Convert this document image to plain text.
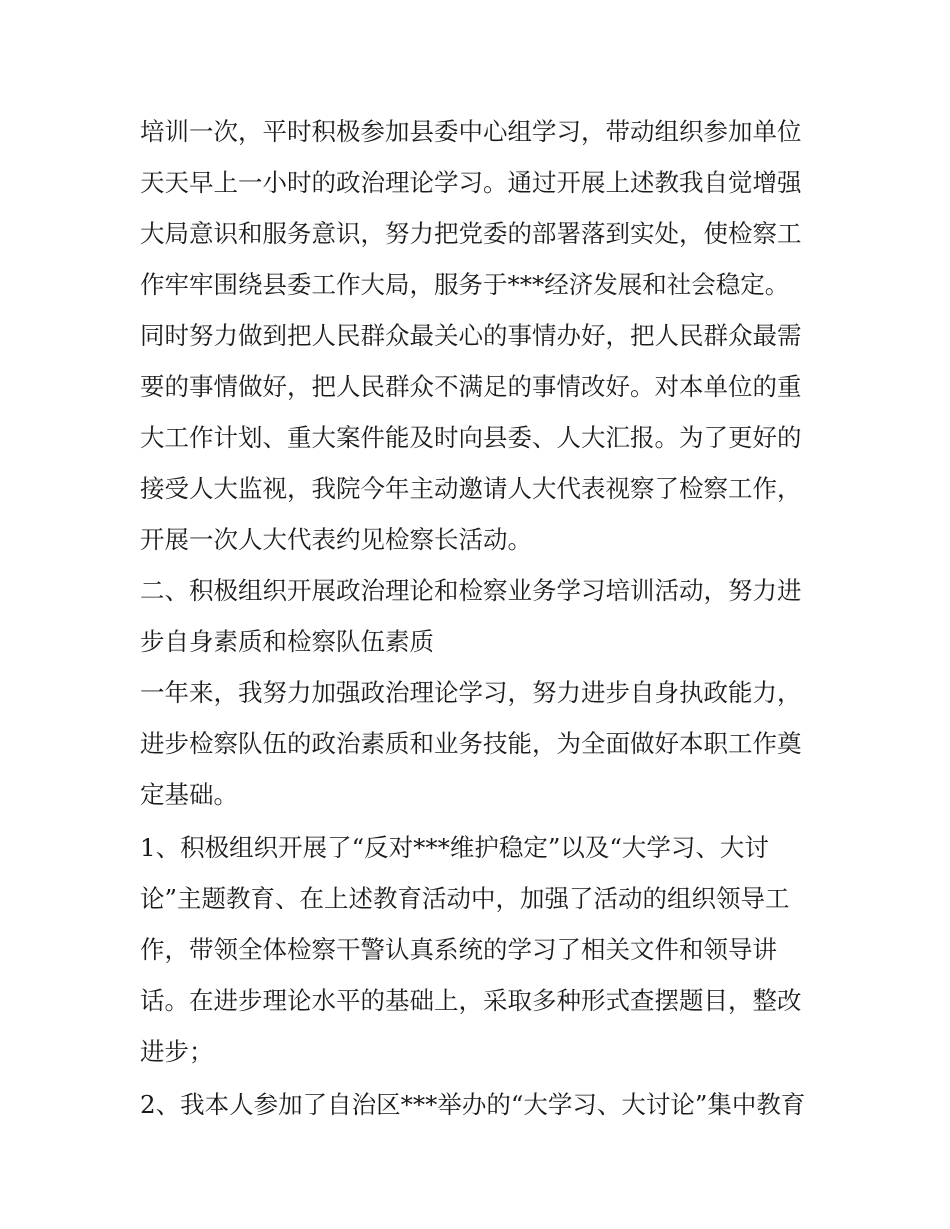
培训一次，平时积极参加县委中心组学习，带动组织参加单位

天天早上一小时的政治理论学习。通过开展上述教我自觉增强

大局意识和服务意识，努力把党委的部署落到实处，使检察工

作牢牢围绕县委工作大局，服务于***经济发展和社会稳定。

同时努力做到把人民群众最关心的事情办好，把人民群众最需

要的事情做好，把人民群众不满足的事情改好。对本单位的重

大工作计划、重大案件能及时向县委、人大汇报。为了更好的

接受人大监视，我院今年主动邀请人大代表视察了检察工作，

开展一次人大代表约见检察长活动。

二、积极组织开展政治理论和检察业务学习培训活动，努力进

步自身素质和检察队伍素质

一年来，我努力加强政治理论学习，努力进步自身执政能力，

进步检察队伍的政治素质和业务技能，为全面做好本职工作奠

定基础。

1、积极组织开展了“反对***维护稳定”以及“大学习、大讨

论”主题教育、在上述教育活动中，加强了活动的组织领导工

作，带领全体检察干警认真系统的学习了相关文件和领导讲

话。在进步理论水平的基础上，采取多种形式查摆题目，整改

进步；

2、我本人参加了自治区***举办的“大学习、大讨论”集中教育
